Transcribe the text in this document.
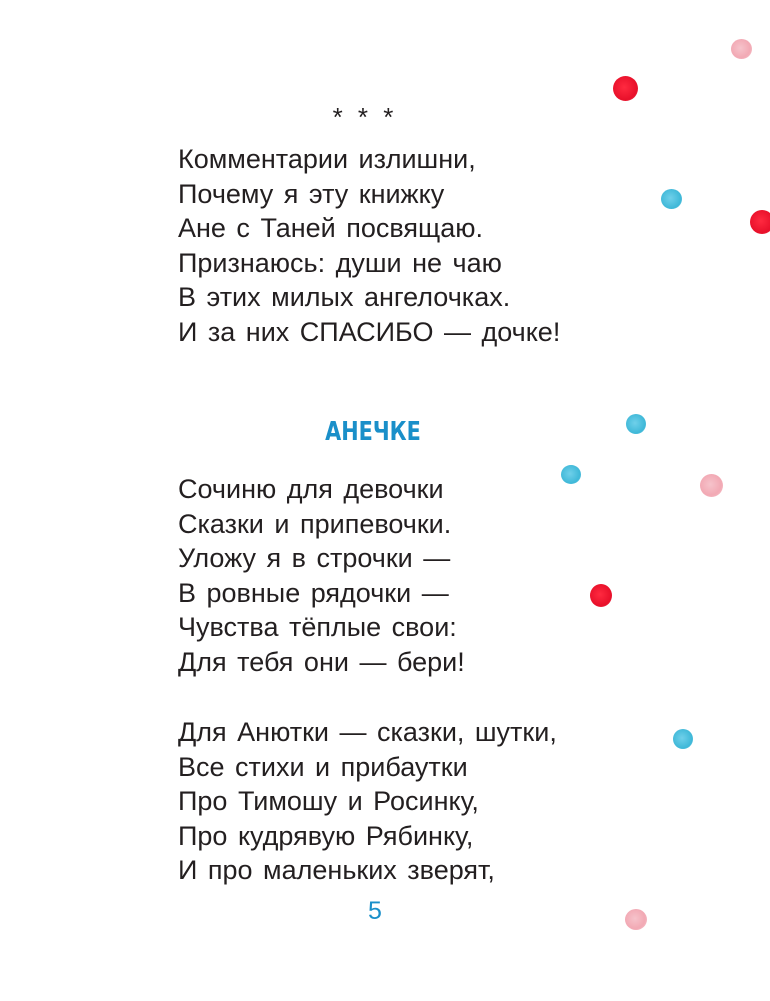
* * *
Комментарии излишни,
Почему я эту книжку
Ане с Таней посвящаю.
Признаюсь: души не чаю
В этих милых ангелочках.
И за них СПАСИБО — дочке!
АНЕЧКЕ
Сочиню для девочки
Сказки и припевочки.
Уложу я в строчки —
В ровные рядочки —
Чувства тёплые свои:
Для тебя они — бери!
Для Анютки — сказки, шутки,
Все стихи и прибаутки
Про Тимошу и Росинку,
Про кудрявую Рябинку,
И про маленьких зверят,
5
